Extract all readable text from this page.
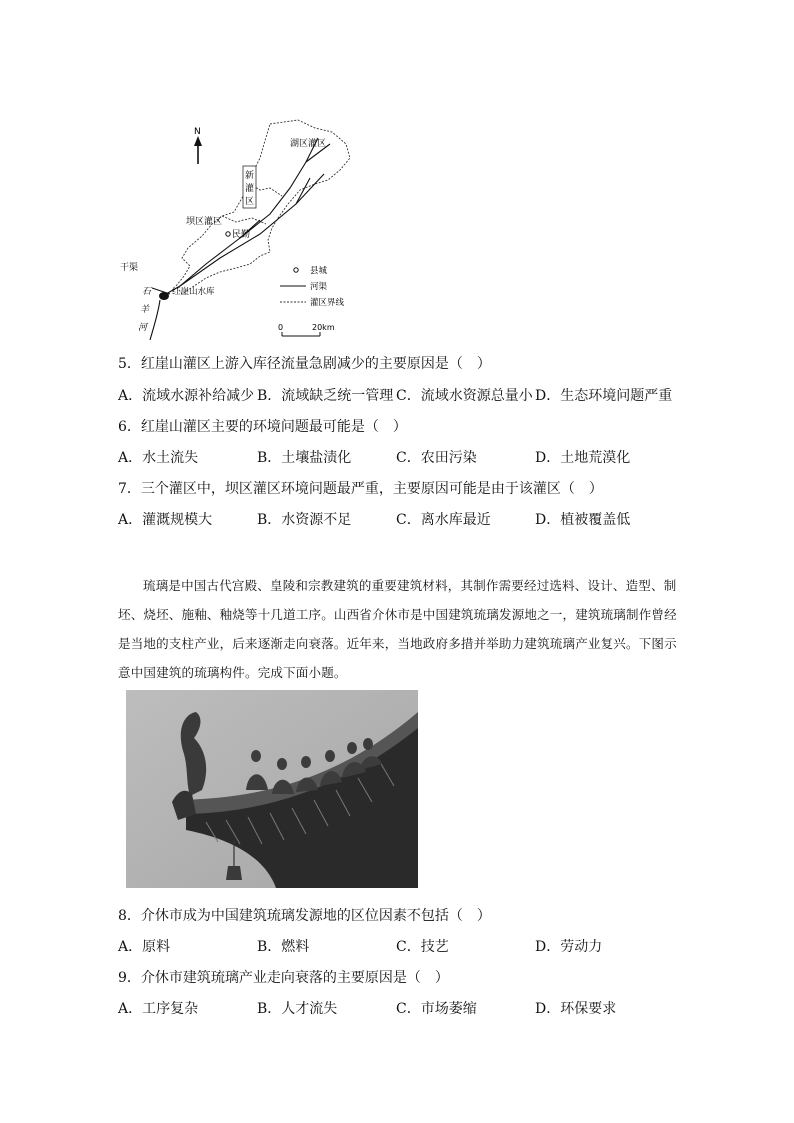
N
湖区灌区
坝区灌区
新
灌
区
民勤
干渠
红崖山水库
石
羊
河
县城
河渠
灌区界线
0	20km
5．红崖山灌区上游入库径流量急剧减少的主要原因是（　）
A．流域水源补给减少 B．流域缺乏统一管理 C．流域水资源总量小 D．生态环境问题严重
6．红崖山灌区主要的环境问题最可能是（　）
A．水土流失	B．土壤盐渍化	C．农田污染	D．土地荒漠化
7．三个灌区中，坝区灌区环境问题最严重，主要原因可能是由于该灌区（　）
A．灌溉规模大	B．水资源不足	C．离水库最近	D．植被覆盖低
琉璃是中国古代宫殿、皇陵和宗教建筑的重要建筑材料，其制作需要经过选料、设计、造型、制坯、烧坯、施釉、釉烧等十几道工序。山西省介休市是中国建筑琉璃发源地之一，建筑琉璃制作曾经是当地的支柱产业，后来逐渐走向衰落。近年来，当地政府多措并举助力建筑琉璃产业复兴。下图示意中国建筑的琉璃构件。完成下面小题。
8．介休市成为中国建筑琉璃发源地的区位因素不包括（　）
A．原料	B．燃料	C．技艺	D．劳动力
9．介休市建筑琉璃产业走向衰落的主要原因是（　）
A．工序复杂	B．人才流失	C．市场萎缩	D．环保要求
